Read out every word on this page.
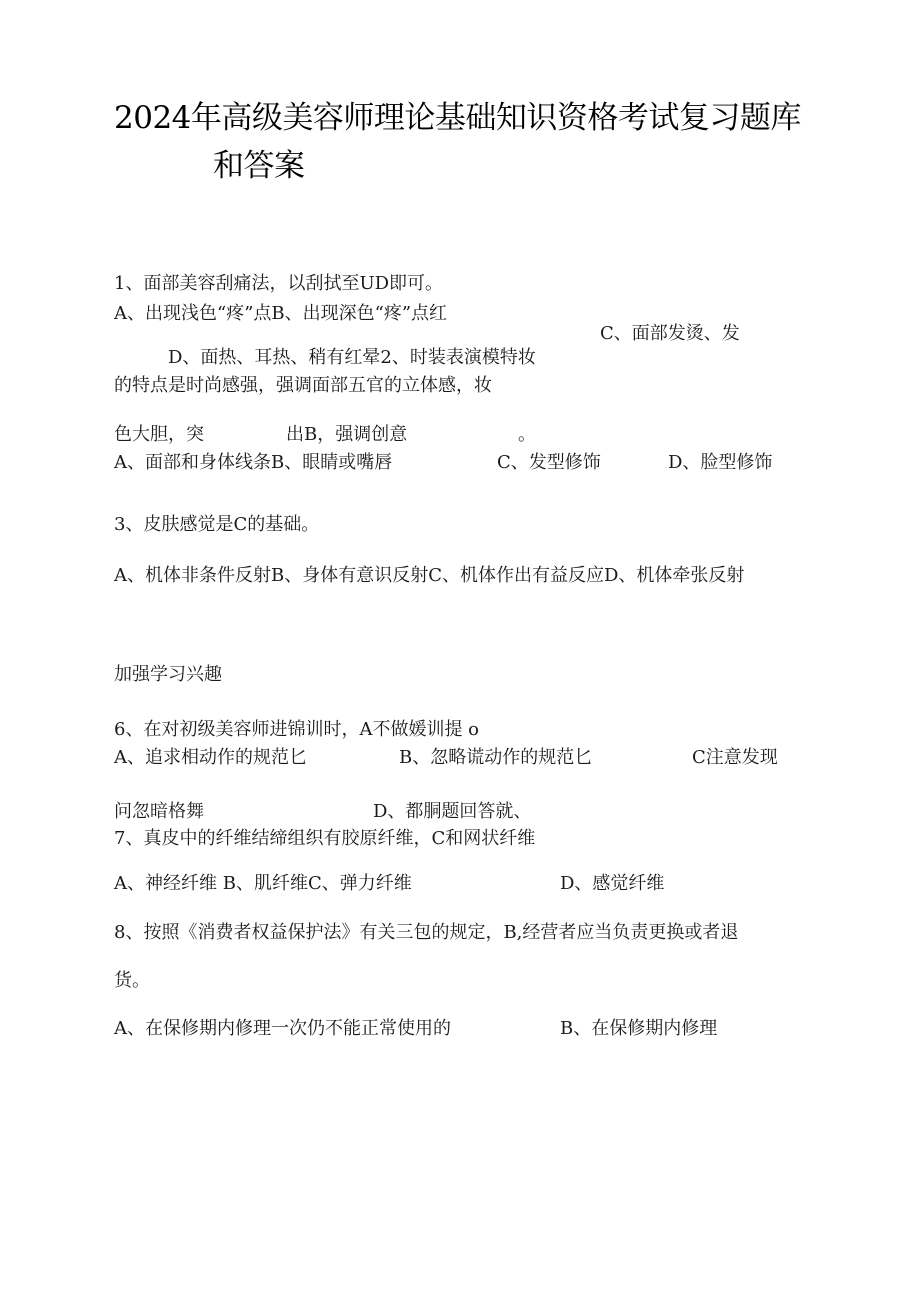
2024年高级美容师理论基础知识资格考试复习题库
和答案
1、面部美容刮痛法，以刮拭至UD即可。
A、出现浅色“疼”点B、出现深色“疼”点红
C、面部发烫、发
D、面热、耳热、稍有红晕2、时装表演模特妆
的特点是时尚感强，强调面部五官的立体感，妆
色大胆，突	出B，强调创意	。
A、面部和身体线条B、眼睛或嘴唇	C、发型修饰	D、脸型修饰
3、皮肤感觉是C的基础。
A、机体非条件反射B、身体有意识反射C、机体作出有益反应D、机体牵张反射
加强学习兴趣
6、在对初级美容师进锦训时，A不做媛训提 o
A、追求相动作的规范匕	B、忽略谎动作的规范匕	C注意发现
问忽暗格舞	D、都胴题回答就、
7、真皮中的纤维结缔组织有胶原纤维，C和网状纤维
A、神经纤维 B、肌纤维C、弹力纤维	D、感觉纤维
8、按照《消费者权益保护法》有关三包的规定，B,经营者应当负责更换或者退
货。
A、在保修期内修理一次仍不能正常使用的	B、在保修期内修理
